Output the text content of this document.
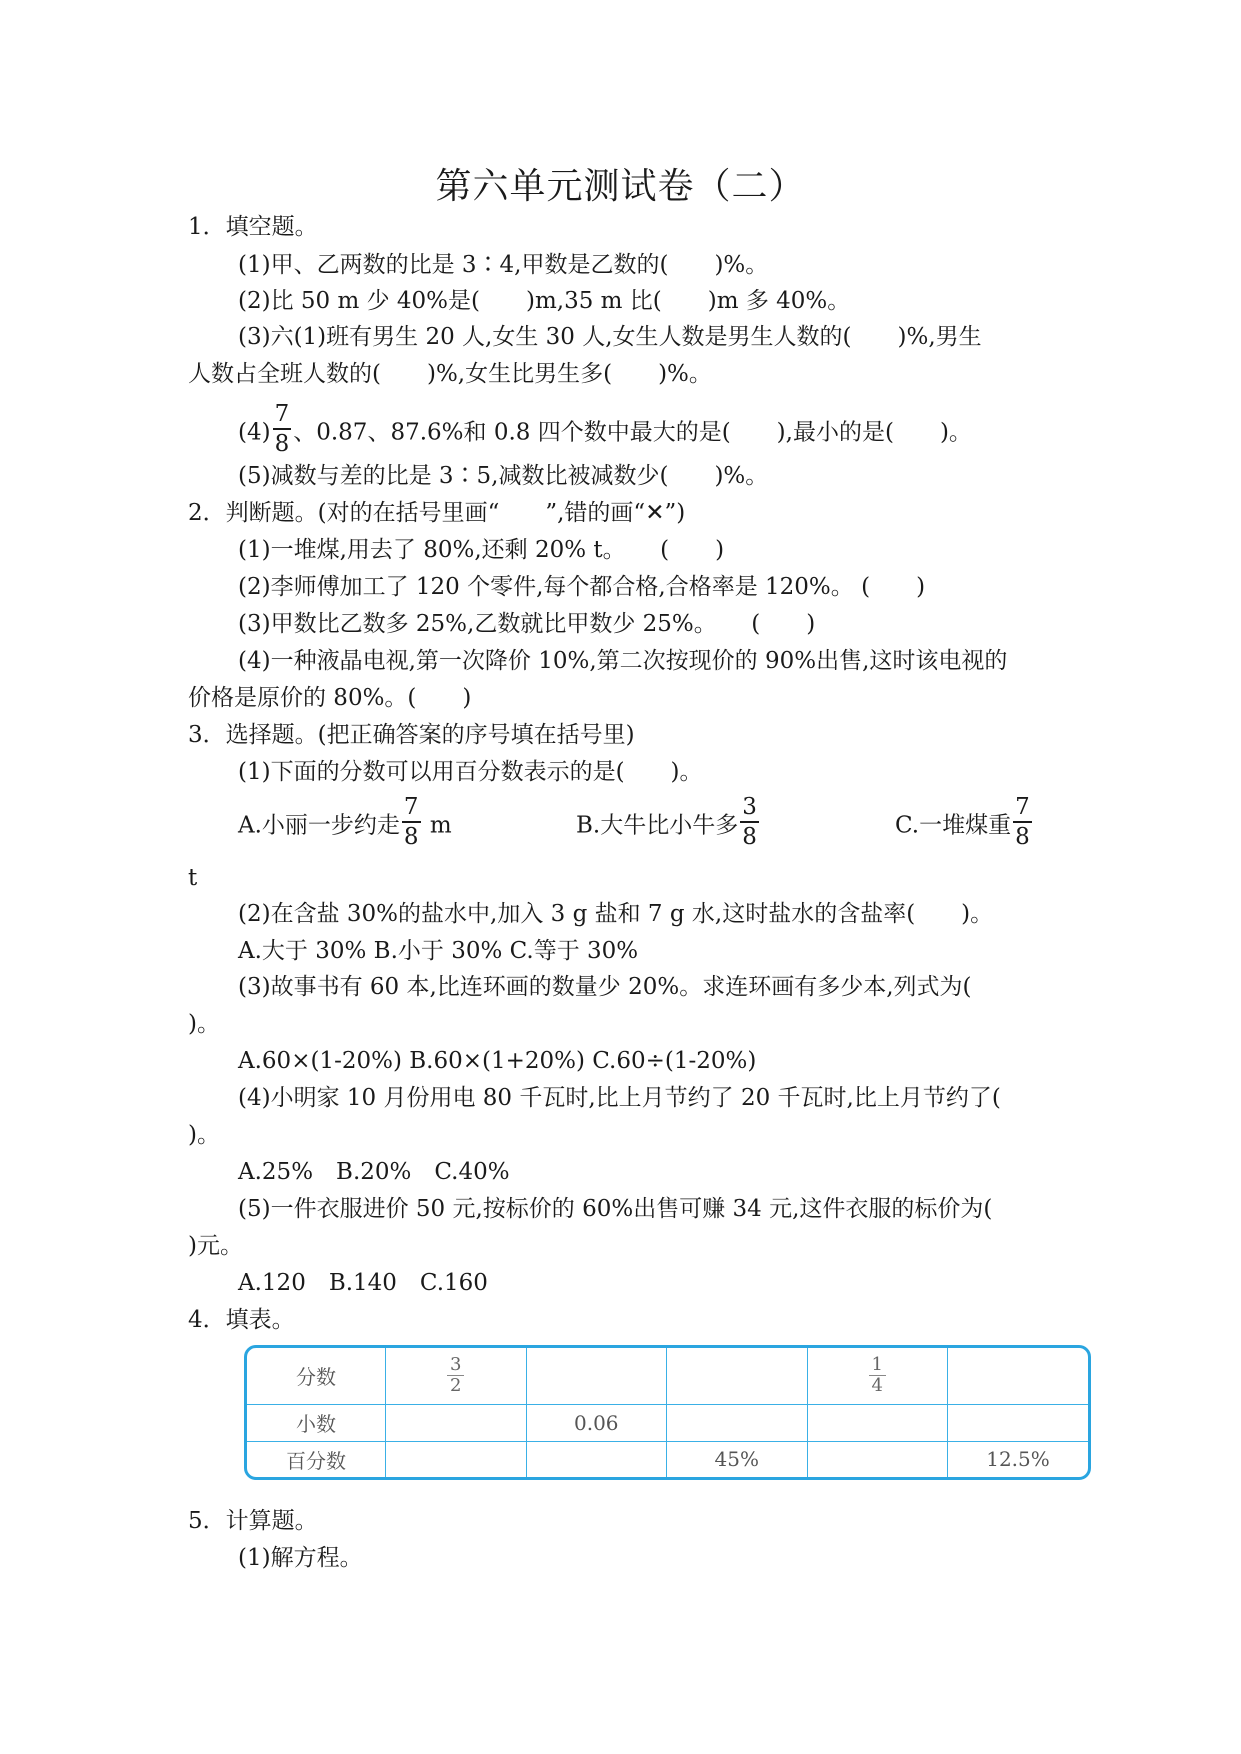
第六单元测试卷（二）
1．填空题。
(1)甲、乙两数的比是 3∶4,甲数是乙数的(　　)%。
(2)比 50 m 少 40%是(　　)m,35 m 比(　　)m 多 40%。
(3)六(1)班有男生 20 人,女生 30 人,女生人数是男生人数的(　　)%,男生
人数占全班人数的(　　)%,女生比男生多(　　)%。
$(4) \frac{7}{8}$ 、0.87、87.6%和 0.8 四个数中最大的是(　　),最小的是(　　)。
(5)减数与差的比是 3∶5,减数比被减数少(　　)%。
2．判断题。(对的在括号里画“　　”,错的画“✕”)
(1)一堆煤,用去了 80%,还剩 20% t。　　(　　)
(2)李师傅加工了 120 个零件,每个都合格,合格率是 120%。 (　　)
(3)甲数比乙数多 25%,乙数就比甲数少 25%。　　(　　)
(4)一种液晶电视,第一次降价 10%,第二次按现价的 90%出售,这时该电视的
价格是原价的 80%。(　　)
3．选择题。(把正确答案的序号填在括号里)
(1)下面的分数可以用百分数表示的是(　　)。
A.小丽一步约走 $\frac{7}{8}$ m	B.大牛比小牛多 $\frac{3}{8}$	C.一堆煤重 $\frac{7}{8}$
t
(2)在含盐 30%的盐水中,加入 3 g 盐和 7 g 水,这时盐水的含盐率(　　)。
A.大于 30% B.小于 30% C.等于 30%
(3)故事书有 60 本,比连环画的数量少 20%。求连环画有多少本,列式为(
)。
A.60×(1-20%) B.60×(1+20%) C.60÷(1-20%)
(4)小明家 10 月份用电 80 千瓦时,比上月节约了 20 千瓦时,比上月节约了(
)。
A.25%　B.20%　C.40%
(5)一件衣服进价 50 元,按标价的 60%出售可赚 34 元,这件衣服的标价为(
)元。
A.120　B.140　C.160
4．填表。
分数	$\frac{3}{2}$			$\frac{1}{4}$

小数		0.06			
百分数			45%		12.5%
5．计算题。
(1)解方程。
